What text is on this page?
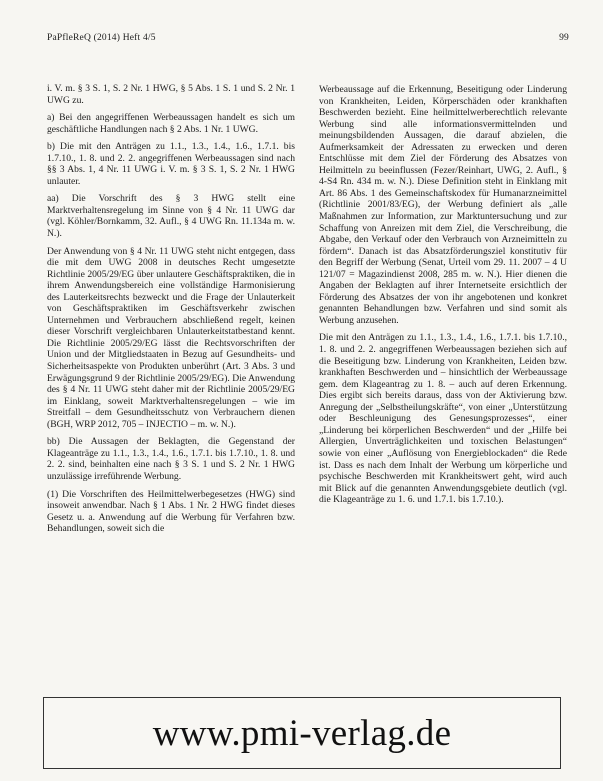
PaPfleReQ (2014) Heft 4/5	99

i. V. m. § 3 S. 1, S. 2 Nr. 1 HWG, § 5 Abs. 1 S. 1 und S. 2 Nr. 1 UWG zu.

a) Bei den angegriffenen Werbeaussagen handelt es sich um geschäftliche Handlungen nach § 2 Abs. 1 Nr. 1 UWG.

b) Die mit den Anträgen zu 1.1., 1.3., 1.4., 1.6., 1.7.1. bis 1.7.10., 1. 8. und 2. 2. angegriffenen Werbeaussagen sind nach §§ 3 Abs. 1, 4 Nr. 11 UWG i. V. m. § 3 S. 1, S. 2 Nr. 1 HWG unlauter.

aa) Die Vorschrift des § 3 HWG stellt eine Marktverhaltensregelung im Sinne von § 4 Nr. 11 UWG dar (vgl. Köhler/Bornkamm, 32. Aufl., § 4 UWG Rn. 11.134a m. w. N.).

Der Anwendung von § 4 Nr. 11 UWG steht nicht entgegen, dass die mit dem UWG 2008 in deutsches Recht umgesetzte Richtlinie 2005/29/EG über unlautere Geschäftspraktiken, die in ihrem Anwendungsbereich eine vollständige Harmonisierung des Lauterkeitsrechts bezweckt und die Frage der Unlauterkeit von Geschäftspraktiken im Geschäftsverkehr zwischen Unternehmen und Verbrauchern abschließend regelt, keinen dieser Vorschrift vergleichbaren Unlauterkeitstatbestand kennt. Die Richtlinie 2005/29/EG lässt die Rechtsvorschriften der Union und der Mitgliedstaaten in Bezug auf Gesundheits- und Sicherheitsaspekte von Produkten unberührt (Art. 3 Abs. 3 und Erwägungsgrund 9 der Richtlinie 2005/29/EG). Die Anwendung des § 4 Nr. 11 UWG steht daher mit der Richtlinie 2005/29/EG im Einklang, soweit Marktverhaltensregelungen – wie im Streitfall – dem Gesundheitsschutz von Verbrauchern dienen (BGH, WRP 2012, 705 – INJECTIO – m. w. N.).

bb) Die Aussagen der Beklagten, die Gegenstand der Klageanträge zu 1.1., 1.3., 1.4., 1.6., 1.7.1. bis 1.7.10., 1. 8. und 2. 2. sind, beinhalten eine nach § 3 S. 1 und S. 2 Nr. 1 HWG unzulässige irreführende Werbung.

(1) Die Vorschriften des Heilmittelwerbegesetzes (HWG) sind insoweit anwendbar. Nach § 1 Abs. 1 Nr. 2 HWG findet dieses Gesetz u. a. Anwendung auf die Werbung für Verfahren bzw. Behandlungen, soweit sich die

Werbeaussage auf die Erkennung, Beseitigung oder Linderung von Krankheiten, Leiden, Körperschäden oder krankhaften Beschwerden bezieht. Eine heilmittelwerberechtlich relevante Werbung sind alle informationsvermittelnden und meinungsbildenden Aussagen, die darauf abzielen, die Aufmerksamkeit der Adressaten zu erwecken und deren Entschlüsse mit dem Ziel der Förderung des Absatzes von Heilmitteln zu beeinflussen (Fezer/Reinhart, UWG, 2. Aufl., § 4-S4 Rn. 434 m. w. N.). Diese Definition steht in Einklang mit Art. 86 Abs. 1 des Gemeinschaftskodex für Humanarzneimittel (Richtlinie 2001/83/EG), der Werbung definiert als „alle Maßnahmen zur Information, zur Marktuntersuchung und zur Schaffung von Anreizen mit dem Ziel, die Verschreibung, die Abgabe, den Verkauf oder den Verbrauch von Arzneimitteln zu fördern“. Danach ist das Absatzförderungsziel konstitutiv für den Begriff der Werbung (Senat, Urteil vom 29. 11. 2007 – 4 U 121/07 = Magazindienst 2008, 285 m. w. N.). Hier dienen die Angaben der Beklagten auf ihrer Internetseite ersichtlich der Förderung des Absatzes der von ihr angebotenen und konkret genannten Behandlungen bzw. Verfahren und sind somit als Werbung anzusehen.

Die mit den Anträgen zu 1.1., 1.3., 1.4., 1.6., 1.7.1. bis 1.7.10., 1. 8. und 2. 2. angegriffenen Werbeaussagen beziehen sich auf die Beseitigung bzw. Linderung von Krankheiten, Leiden bzw. krankhaften Beschwerden und – hinsichtlich der Werbeaussage gem. dem Klageantrag zu 1. 8. – auch auf deren Erkennung. Dies ergibt sich bereits daraus, dass von der Aktivierung bzw. Anregung der „Selbstheilungskräfte“, von einer „Unterstützung oder Beschleunigung des Genesungsprozesses“, einer „Linderung bei körperlichen Beschwerden“ und der „Hilfe bei Allergien, Unverträglichkeiten und toxischen Belastungen“ sowie von einer „Auflösung von Energieblockaden“ die Rede ist. Dass es nach dem Inhalt der Werbung um körperliche und psychische Beschwerden mit Krankheitswert geht, wird auch mit Blick auf die genannten Anwendungsgebiete deutlich (vgl. die Klageanträge zu 1. 6. und 1.7.1. bis 1.7.10.).

www.pmi-verlag.de
